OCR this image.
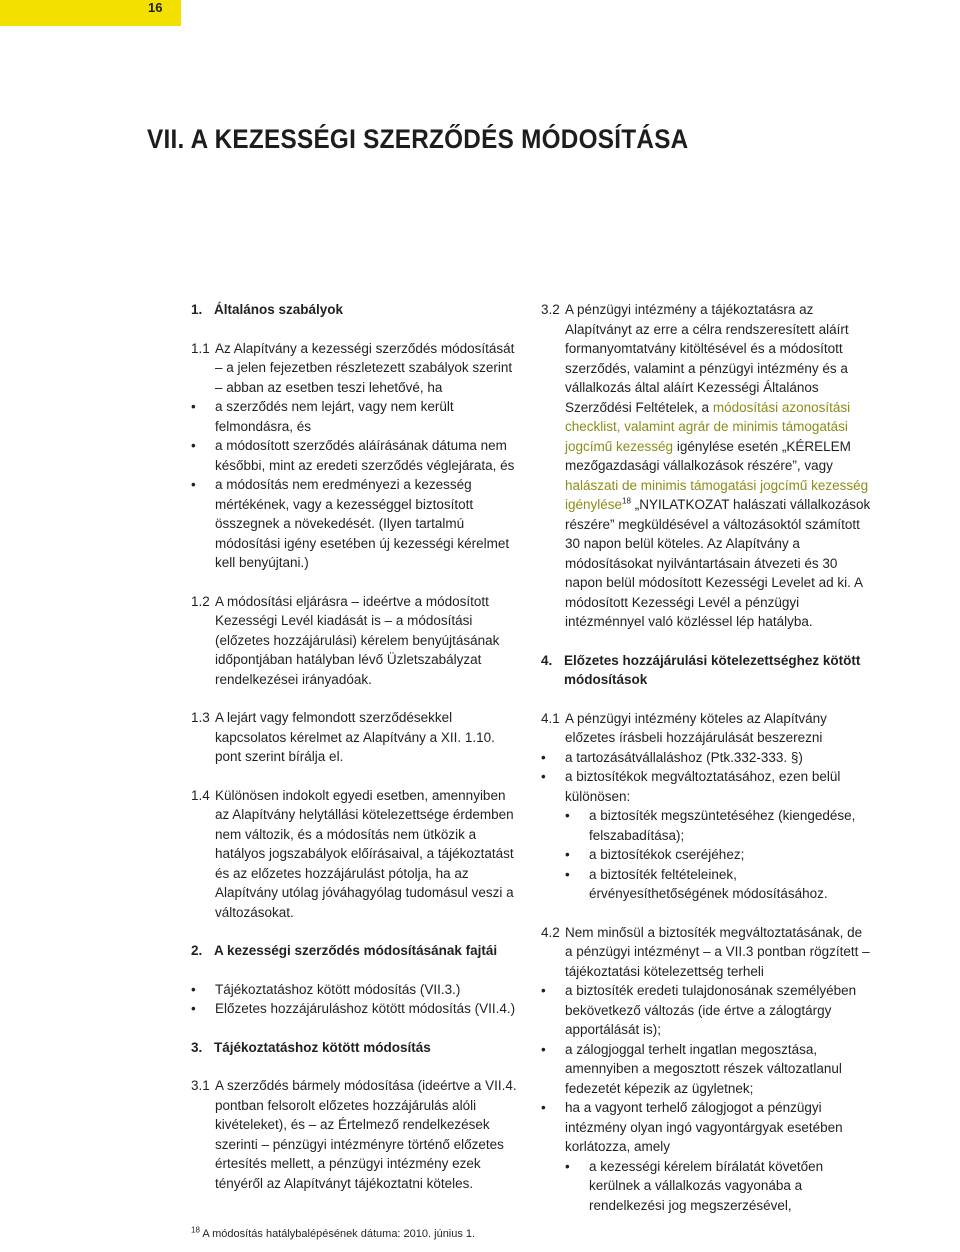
16
VII. A KEZESSÉGI SZERZŐDÉS MÓDOSÍTÁSA
1. Általános szabályok
1.1 Az Alapítvány a kezességi szerződés módosítását – a jelen fejezetben részletezett szabályok szerint – abban az esetben teszi lehetővé, ha
•	a szerződés nem lejárt, vagy nem került felmondásra, és
•	a módosított szerződés aláírásának dátuma nem későbbi, mint az eredeti szerződés véglejárata, és
•	a módosítás nem eredményezi a kezesség mértékének, vagy a kezességgel biztosított összegnek a növekedését. (Ilyen tartalmú módosítási igény esetében új kezességi kérelmet kell benyújtani.)
1.2 A módosítási eljárásra – ideértve a módosított Kezességi Levél kiadását is – a módosítási (előzetes hozzájárulási) kérelem benyújtásának időpontjában hatályban lévő Üzletszabályzat rendelkezései irányadóak.
1.3 A lejárt vagy felmondott szerződésekkel kapcsolatos kérelmet az Alapítvány a XII. 1.10. pont szerint bírálja el.
1.4 Különösen indokolt egyedi esetben, amennyiben az Alapítvány helytállási kötelezettsége érdemben nem változik, és a módosítás nem ütközik a hatályos jogszabályok előírásaival, a tájékoztatást és az előzetes hozzájárulást pótolja, ha az Alapítvány utólag jóváhagyólag tudomásul veszi a változásokat.
2. A kezességi szerződés módosításának fajtái
•	Tájékoztatáshoz kötött módosítás (VII.3.)
•	Előzetes hozzájáruláshoz kötött módosítás (VII.4.)
3. Tájékoztatáshoz kötött módosítás
3.1 A szerződés bármely módosítása (ideértve a VII.4. pontban felsorolt előzetes hozzájárulás alóli kivételeket), és – az Értelmező rendelkezések szerinti – pénzügyi intézményre történő előzetes értesítés mellett, a pénzügyi intézmény ezek tényéről az Alapítványt tájékoztatni köteles.
3.2 A pénzügyi intézmény a tájékoztatásra az Alapítványt az erre a célra rendszeresített aláírt formanyomtatvány kitöltésével és a módosított szerződés, valamint a pénzügyi intézmény és a vállalkozás által aláírt Kezességi Általános Szerződési Feltételek, a módosítási azonosítási checklist, valamint agrár de minimis támogatási jogcímű kezesség igénylése esetén „KÉRELEM mezőgazdasági vállalkozások részére”, vagy halászati de minimis támogatási jogcímű kezesség igénylése$^{18}$ „NYILATKOZAT halászati vállalkozások részére” megküldésével a változásoktól számított 30 napon belül köteles. Az Alapítvány a módosításokat nyilvántartásain átvezeti és 30 napon belül módosított Kezességi Levelet ad ki. A módosított Kezességi Levél a pénzügyi intézménnyel való közléssel lép hatályba.
4. Előzetes hozzájárulási kötelezettséghez kötött módosítások
4.1 A pénzügyi intézmény köteles az Alapítvány előzetes írásbeli hozzájárulását beszerezni
•	a tartozásátvállaláshoz (Ptk.332-333. §)
•	a biztosítékok megváltoztatásához, ezen belül különösen:
•	a biztosíték megszüntetéséhez (kiengedése, felszabadítása);
•	a biztosítékok cseréjéhez;
•	a biztosíték feltételeinek, érvényesíthetőségének módosításához.
4.2 Nem minősül a biztosíték megváltoztatásának, de a pénzügyi intézményt – a VII.3 pontban rögzített – tájékoztatási kötelezettség terheli
•	a biztosíték eredeti tulajdonosának személyében bekövetkező változás (ide értve a zálogtárgy apportálását is);
•	a zálogjoggal terhelt ingatlan megosztása, amennyiben a megosztott részek változatlanul fedezetét képezik az ügyletnek;
•	ha a vagyont terhelő zálogjogot a pénzügyi intézmény olyan ingó vagyontárgyak esetében korlátozza, amely
•	a kezességi kérelem bírálatát követően kerülnek a vállalkozás vagyonába a rendelkezési jog megszerzésével,
$^{18}$ A módosítás hatálybalépésének dátuma: 2010. június 1.
